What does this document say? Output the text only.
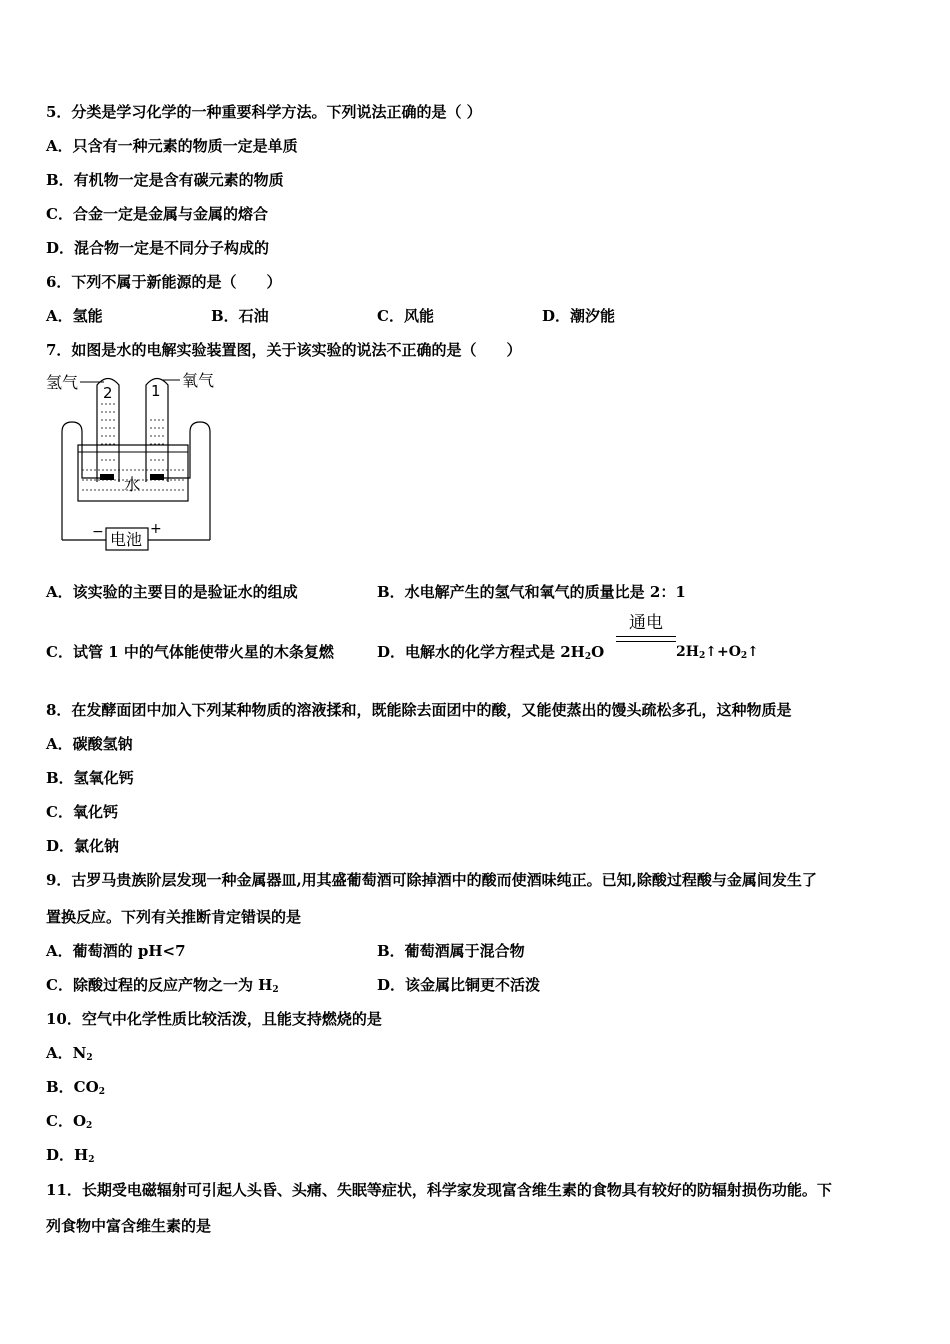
5．分类是学习化学的一种重要科学方法。下列说法正确的是（ ）
A．只含有一种元素的物质一定是单质
B．有机物一定是含有碳元素的物质
C．合金一定是金属与金属的熔合
D．混合物一定是不同分子构成的
6．下列不属于新能源的是（　　）
A．氢能	B．石油	C．风能	D．潮汐能
7．如图是水的电解实验装置图，关于该实验的说法不正确的是（　　）
氢气	氧气
2	1
水
电池
−	+
A．该实验的主要目的是验证水的组成	B．水电解产生的氢气和氧气的质量比是 2：1
C．试管 1 中的气体能使带火星的木条复燃	D．电解水的化学方程式是 $2H_2O$
通电
$2H_2↑+O_2↑$
8．在发酵面团中加入下列某种物质的溶液揉和，既能除去面团中的酸，又能使蒸出的馒头疏松多孔，这种物质是
A．碳酸氢钠
B．氢氧化钙
C．氧化钙
D．氯化钠
9．古罗马贵族阶层发现一种金属器皿,用其盛葡萄酒可除掉酒中的酸而使酒味纯正。已知,除酸过程酸与金属间发生了
置换反应。下列有关推断肯定错误的是
A．葡萄酒的 pH<7	B．葡萄酒属于混合物
C．除酸过程的反应产物之一为 $H_2$	D．该金属比铜更不活泼
10．空气中化学性质比较活泼，且能支持燃烧的是
A．$N_2$
B．$CO_2$
C．$O_2$
D．$H_2$
11．长期受电磁辐射可引起人头昏、头痛、失眠等症状，科学家发现富含维生素的食物具有较好的防辐射损伤功能。下
列食物中富含维生素的是
